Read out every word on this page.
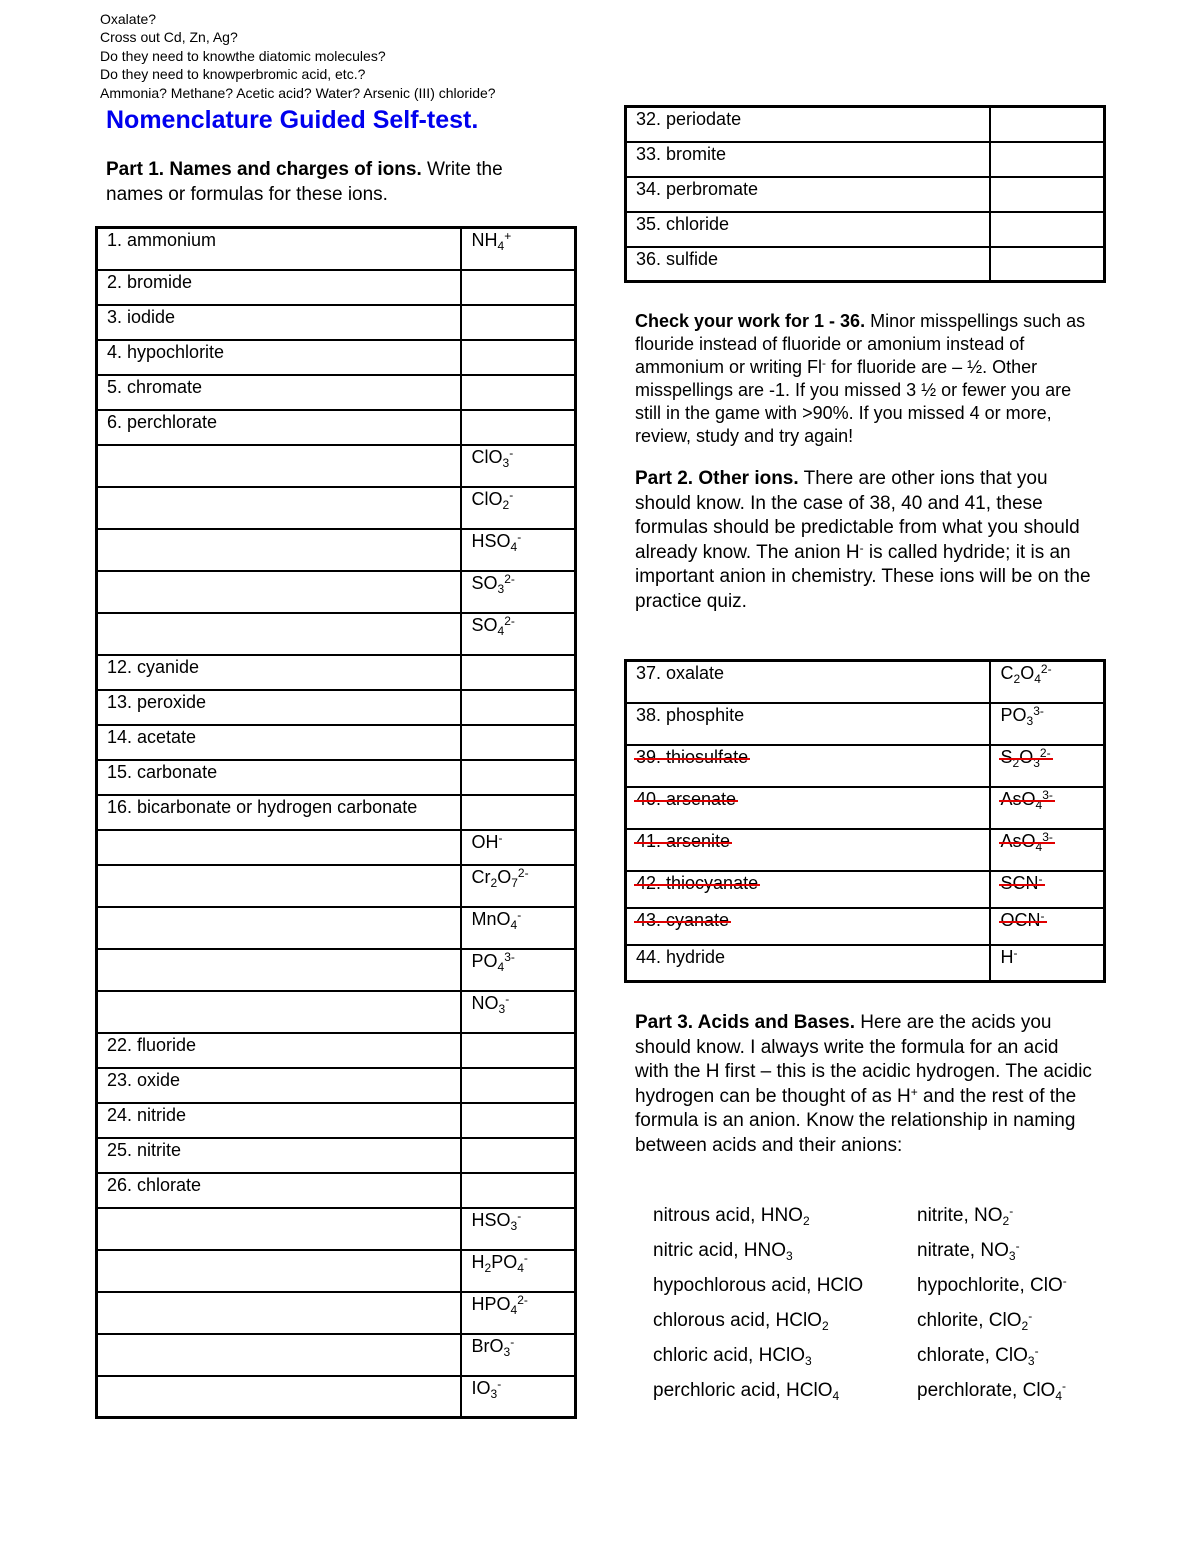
Oxalate?
Cross out Cd, Zn, Ag?
Do they need to knowthe diatomic molecules?
Do they need to knowperbromic acid, etc.?
Ammonia? Methane? Acetic acid? Water? Arsenic (III) chloride?
Nomenclature Guided Self-test.
Part 1. Names and charges of ions. Write the names or formulas for these ions.
1. ammonium	$NH_4^+$
2. bromide	
3. iodide	
4. hypochlorite	
5. chromate	
6. perchlorate	
	ClO$_3$-
	ClO$_2$-
	$HSO_4^-$
	$SO_3^{2-}$
	$SO_4^{2-}$
12. cyanide	
13. peroxide	
14. acetate	
15. carbonate	
16. bicarbonate or hydrogen carbonate	
	OH-
	$Cr_2O_7^{2-}$
	MnO$_4$-
	$PO_4^{3-}$
	$NO_3^-$
22. fluoride	
23. oxide	
24. nitride	
25. nitrite	
26. chlorate	
	$HSO_3^-$
	$H_2PO_4^-$
	$HPO_4^{2-}$
	BrO$_3$-
	$IO_3^-$
32. periodate	
33. bromite	
34. perbromate	
35. chloride	
36. sulfide	
Check your work for 1 - 36. Minor misspellings such as flouride instead of fluoride or amonium instead of ammonium or writing Fl- for fluoride are – ½. Other misspellings are -1. If you missed 3 ½ or fewer you are still in the game with >90%. If you missed 4 or more, review, study and try again!
Part 2. Other ions. There are other ions that you should know. In the case of 38, 40 and 41, these formulas should be predictable from what you should already know. The anion H- is called hydride; it is an important anion in chemistry. These ions will be on the practice quiz.
37. oxalate	$C_2O_4^{2-}$
38. phosphite	$PO_3^{3-}$
39. thiosulfate	$S_2O_3^{2-}$
40. arsenate	AsO$_4^{3-}$
41. arsenite	AsO$_4^{3-}$
42. thiocyanate	SCN-
43. cyanate	OCN-
44. hydride	H-
Part 3. Acids and Bases. Here are the acids you should know. I always write the formula for an acid with the H first – this is the acidic hydrogen. The acidic hydrogen can be thought of as H+ and the rest of the formula is an anion. Know the relationship in naming between acids and their anions:
nitrous acid, $HNO_2$	nitrite, $NO_2^-$
nitric acid, $HNO_3$	nitrate, $NO_3^-$
hypochlorous acid, HClO	hypochlorite, ClO-
chlorous acid, HClO$_2$	chlorite, ClO$_2$-
chloric acid, HClO$_3$	chlorate, ClO$_3$-
perchloric acid, HClO$_4$	perchlorate, ClO$_4$-
